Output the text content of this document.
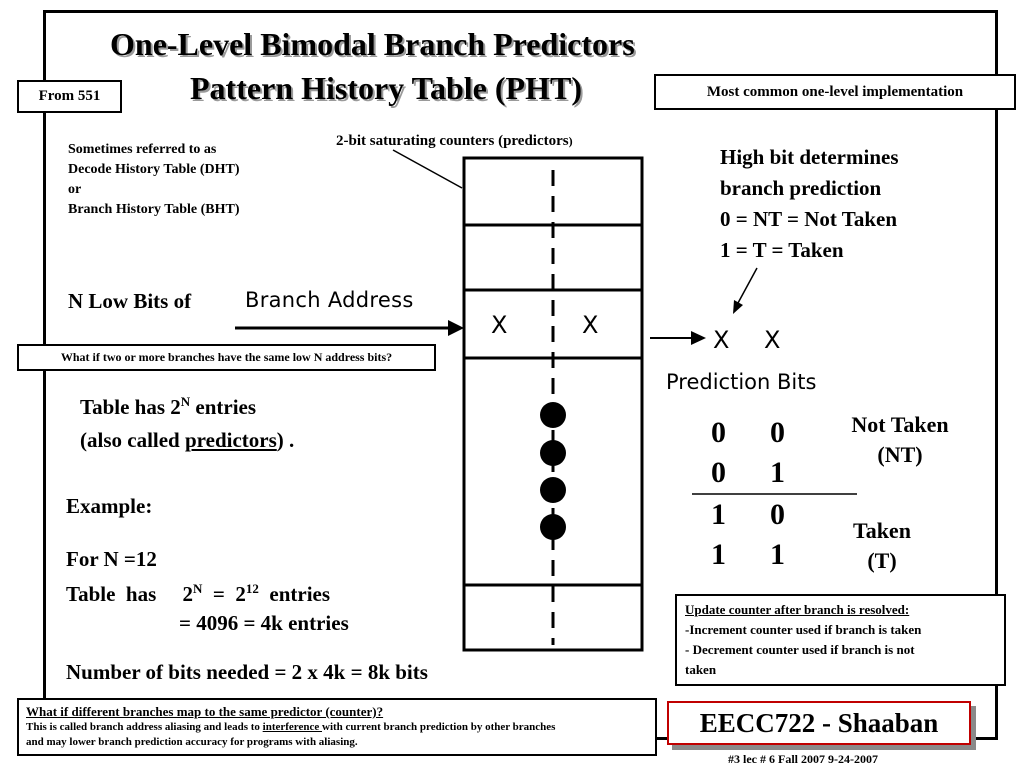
One-Level Bimodal Branch Predictors
Pattern History Table (PHT)
From 551	Most common one-level implementation
Sometimes referred to as
Decode History Table (DHT)
or
Branch History Table (BHT)
2-bit saturating counters (predictors)
High bit determines
branch prediction
0 = NT = Not Taken
1 = T = Taken
N Low Bits of	Branch Address
What if two or more branches have the same low N address bits?
Table has $2^N$ entries
(also called predictors) .
X	X
X X
Prediction Bits
0 0
0 1
1 0
1 1
Not Taken
(NT)
Taken
(T)
Example:
For N =12
Table  has     $2^N = 2^{12}$  entries
= 4096 = 4k entries
Number of bits needed = 2 x 4k = 8k bits
Update counter after branch is resolved:
-Increment counter used if branch is taken
- Decrement counter used if branch is not
taken
What if different branches map to the same predictor (counter)?
This is called branch address aliasing and leads to interference with current branch prediction by other branches
and may lower branch prediction accuracy for programs with aliasing.
EECC722 - Shaaban
#3 lec # 6 Fall 2007 9-24-2007
